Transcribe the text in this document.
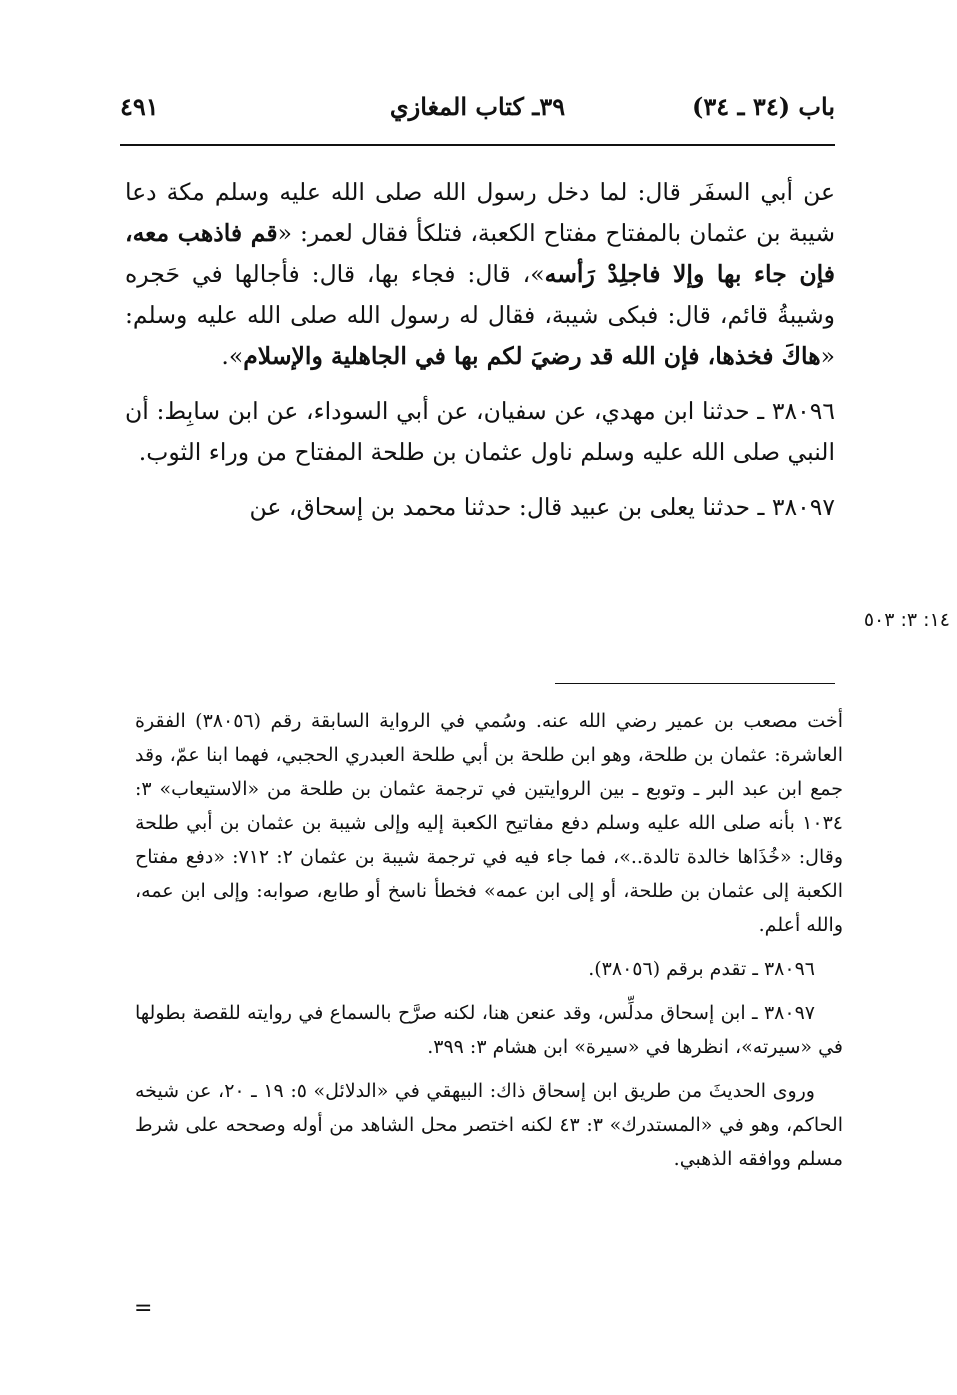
باب (٣٤ ـ ٣٤)
٣٩ـ كتاب المغازي
٤٩١

عن أبي السفَر قال: لما دخل رسول الله صلى الله عليه وسلم مكة دعا شيبة بن عثمان بالمفتاح مفتاح الكعبة، فتلكأ فقال لعمر: «قم فاذهب معه، فإن جاء بها وإلا فاجلِدْ رَأسه»، قال: فجاء بها، قال: فأجالها في حَجره وشيبةُ قائم، قال: فبكى شيبة، فقال له رسول الله صلى الله عليه وسلم: «هاكَ فخذها، فإن الله قد رضيَ لكم بها في الجاهلية والإسلام».

٣٨٠٩٦ ـ حدثنا ابن مهدي، عن سفيان، عن أبي السوداء، عن ابن سابِط: أن النبي صلى الله عليه وسلم ناول عثمان بن طلحة المفتاح من وراء الثوب.

٣٨٠٩٧ ـ حدثنا يعلى بن عبيد قال: حدثنا محمد بن إسحاق، عن

١٤: ٣: ٥٠٣

أخت مصعب بن عمير رضي الله عنه. وسُمي في الرواية السابقة رقم (٣٨٠٥٦) الفقرة العاشرة: عثمان بن طلحة، وهو ابن طلحة بن أبي طلحة العبدري الحجبي، فهما ابنا عمّ، وقد جمع ابن عبد البر ـ وتوبع ـ بين الروايتين في ترجمة عثمان بن طلحة من «الاستيعاب» ٣: ١٠٣٤ بأنه صلى الله عليه وسلم دفع مفاتيح الكعبة إليه وإلى شيبة بن عثمان بن أبي طلحة وقال: «خُذَاها خالدة تالدة..»، فما جاء فيه في ترجمة شيبة بن عثمان ٢: ٧١٢: «دفع مفتاح الكعبة إلى عثمان بن طلحة، أو إلى ابن عمه» فخطأ ناسخ أو طابع، صوابه: وإلى ابن عمه، والله أعلم.

٣٨٠٩٦ ـ تقدم برقم (٣٨٠٥٦).

٣٨٠٩٧ ـ ابن إسحاق مدلِّس، وقد عنعن هنا، لكنه صرَّح بالسماع في روايته للقصة بطولها في «سيرته»، انظرها في «سيرة» ابن هشام ٣: ٣٩٩.

وروى الحديثَ من طريق ابن إسحاق ذاك: البيهقي في «الدلائل» ٥: ١٩ ـ ٢٠، عن شيخه الحاكم، وهو في «المستدرك» ٣: ٤٣ لكنه اختصر محل الشاهد من أوله وصححه على شرط مسلم ووافقه الذهبي.

=
